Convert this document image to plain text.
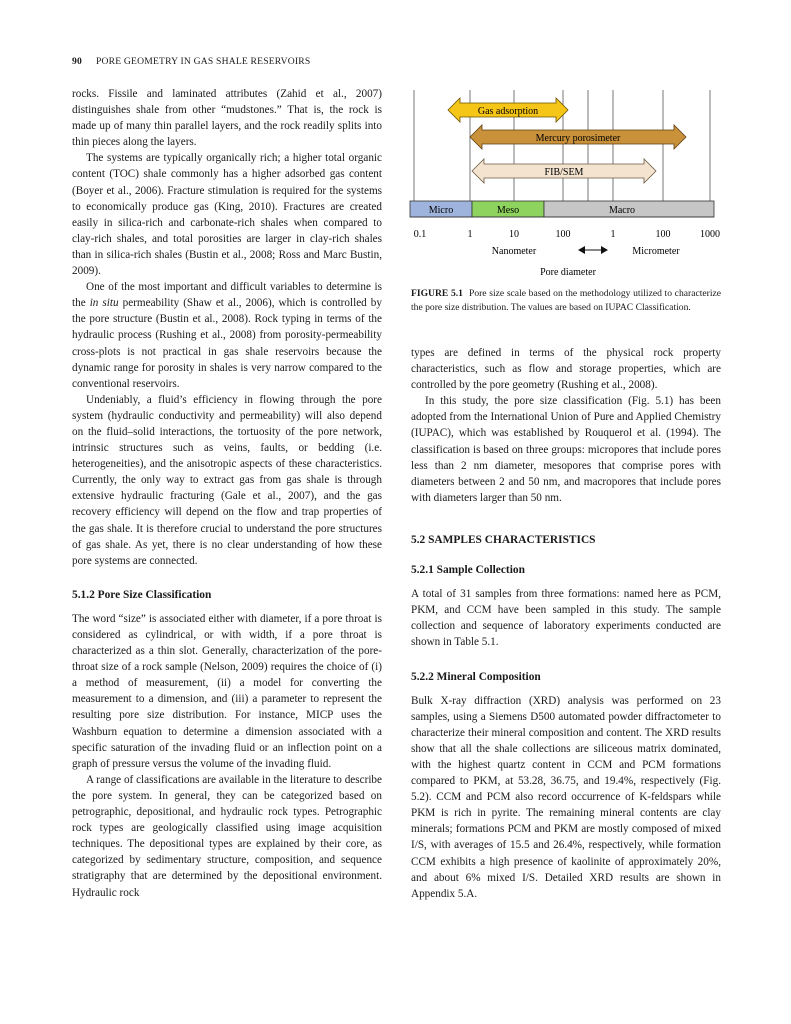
90 PORE GEOMETRY IN GAS SHALE RESERVOIRS

rocks. Fissile and laminated attributes (Zahid et al., 2007) distinguishes shale from other “mudstones.” That is, the rock is made up of many thin parallel layers, and the rock readily splits into thin pieces along the layers.

The systems are typically organically rich; a higher total organic content (TOC) shale commonly has a higher adsorbed gas content (Boyer et al., 2006). Fracture stimulation is required for the systems to economically produce gas (King, 2010). Fractures are created easily in silica-rich and carbonate-rich shales when compared to clay-rich shales, and total porosities are larger in clay-rich shales than in silica-rich shales (Bustin et al., 2008; Ross and Marc Bustin, 2009).

One of the most important and difficult variables to determine is the in situ permeability (Shaw et al., 2006), which is controlled by the pore structure (Bustin et al., 2008). Rock typing in terms of the hydraulic process (Rushing et al., 2008) from porosity-permeability cross-plots is not practical in gas shale reservoirs because the dynamic range for porosity in shales is very narrow compared to the conventional reservoirs.

Undeniably, a fluid’s efficiency in flowing through the pore system (hydraulic conductivity and permeability) will also depend on the fluid–solid interactions, the tortuosity of the pore network, intrinsic structures such as veins, faults, or bedding (i.e. heterogeneities), and the anisotropic aspects of these characteristics. Currently, the only way to extract gas from gas shale is through extensive hydraulic fracturing (Gale et al., 2007), and the gas recovery efficiency will depend on the flow and trap properties of the gas shale. It is therefore crucial to understand the pore structures of gas shale. As yet, there is no clear understanding of how these pore systems are connected.

5.1.2 Pore Size Classification

The word “size” is associated either with diameter, if a pore throat is considered as cylindrical, or with width, if a pore throat is characterized as a thin slot. Generally, characterization of the pore-throat size of a rock sample (Nelson, 2009) requires the choice of (i) a method of measurement, (ii) a model for converting the measurement to a dimension, and (iii) a parameter to represent the resulting pore size distribution. For instance, MICP uses the Washburn equation to determine a dimension associated with a specific saturation of the invading fluid or an inflection point on a graph of pressure versus the volume of the invading fluid.

A range of classifications are available in the literature to describe the pore system. In general, they can be categorized based on petrographic, depositional, and hydraulic rock types. Petrographic rock types are geologically classified using image acquisition techniques. The depositional types are explained by their core, as categorized by sedimentary structure, composition, and sequence stratigraphy that are determined by the depositional environment. Hydraulic rock

Gas adsorption
Mercury porosimeter
FIB/SEM
Micro	Meso	Macro
0.1	1	10	100	1	100	1000
Nanometer	Micrometer
Pore diameter
FIGURE 5.1 Pore size scale based on the methodology utilized to characterize the pore size distribution. The values are based on IUPAC Classification.

types are defined in terms of the physical rock property characteristics, such as flow and storage properties, which are controlled by the pore geometry (Rushing et al., 2008).

In this study, the pore size classification (Fig. 5.1) has been adopted from the International Union of Pure and Applied Chemistry (IUPAC), which was established by Rouquerol et al. (1994). The classification is based on three groups: micropores that include pores less than 2 nm diameter, mesopores that comprise pores with diameters between 2 and 50 nm, and macropores that include pores with diameters larger than 50 nm.

5.2 SAMPLES CHARACTERISTICS

5.2.1 Sample Collection

A total of 31 samples from three formations: named here as PCM, PKM, and CCM have been sampled in this study. The sample collection and sequence of laboratory experiments conducted are shown in Table 5.1.

5.2.2 Mineral Composition

Bulk X-ray diffraction (XRD) analysis was performed on 23 samples, using a Siemens D500 automated powder diffractometer to characterize their mineral composition and content. The XRD results show that all the shale collections are siliceous matrix dominated, with the highest quartz content in CCM and PCM formations compared to PKM, at 53.28, 36.75, and 19.4%, respectively (Fig. 5.2). CCM and PCM also record occurrence of K-feldspars while PKM is rich in pyrite. The remaining mineral contents are clay minerals; formations PCM and PKM are mostly composed of mixed I/S, with averages of 15.5 and 26.4%, respectively, while formation CCM exhibits a high presence of kaolinite of approximately 20%, and about 6% mixed I/S. Detailed XRD results are shown in Appendix 5.A.
